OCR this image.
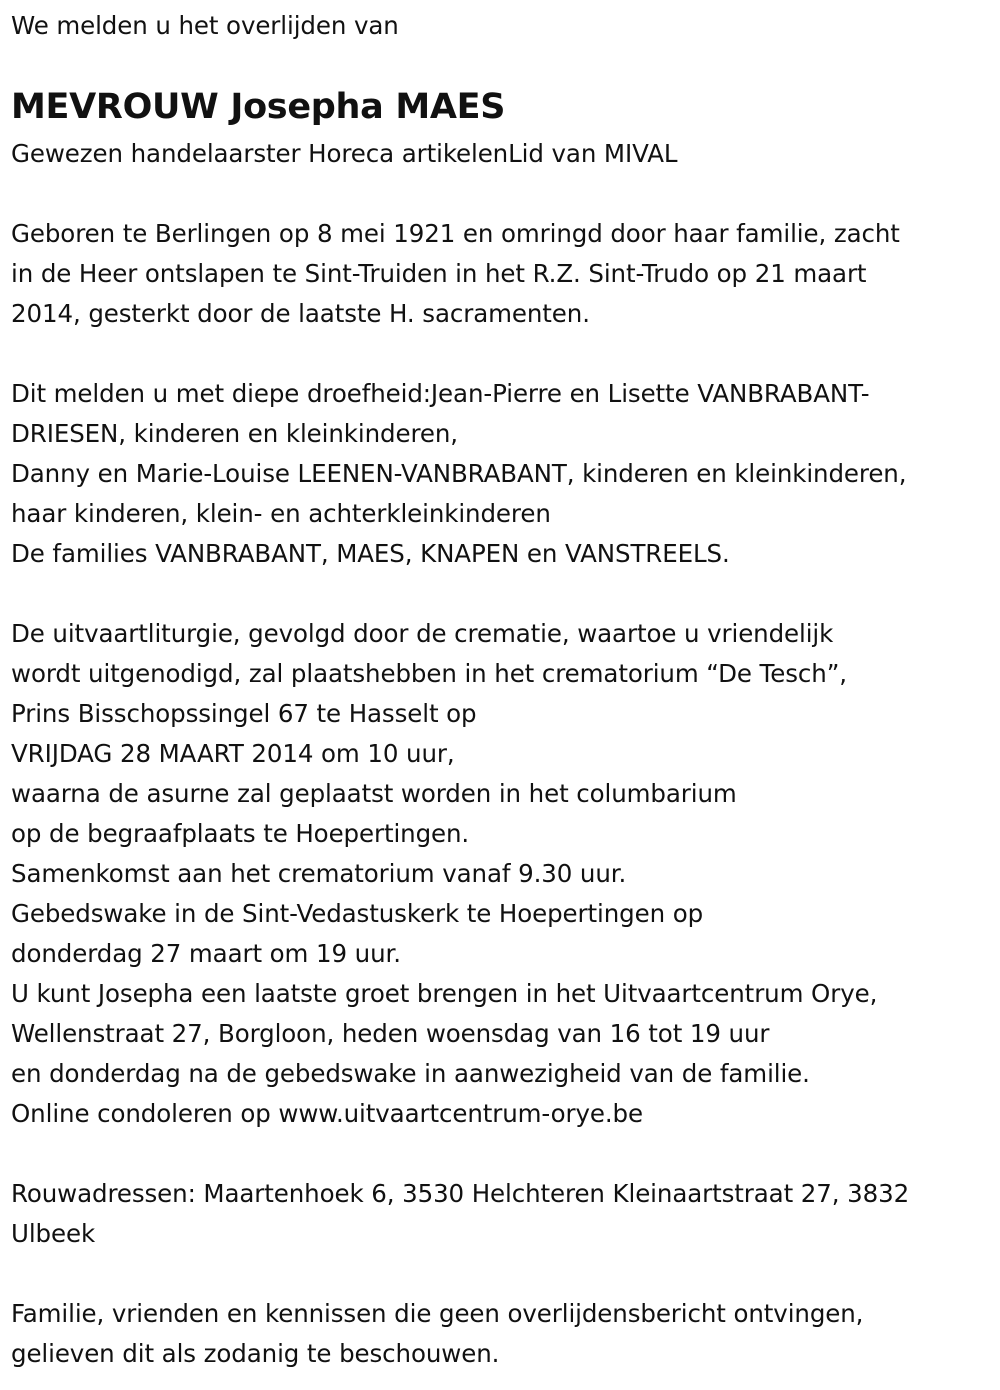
We melden u het overlijden van
MEVROUW Josepha MAES
Gewezen handelaarster Horeca artikelenLid van MIVAL
Geboren te Berlingen op 8 mei 1921 en omringd door haar familie, zacht
in de Heer ontslapen te Sint-Truiden in het R.Z. Sint-Trudo op 21 maart
2014, gesterkt door de laatste H. sacramenten.
Dit melden u met diepe droefheid:Jean-Pierre en Lisette VANBRABANT-
DRIESEN, kinderen en kleinkinderen,
Danny en Marie-Louise LEENEN-VANBRABANT, kinderen en kleinkinderen,
haar kinderen, klein- en achterkleinkinderen
De families VANBRABANT, MAES, KNAPEN en VANSTREELS.
De uitvaartliturgie, gevolgd door de crematie, waartoe u vriendelijk
wordt uitgenodigd, zal plaatshebben in het crematorium “De Tesch”,
Prins Bisschopssingel 67 te Hasselt op
VRIJDAG 28 MAART 2014 om 10 uur,
waarna de asurne zal geplaatst worden in het columbarium
op de begraafplaats te Hoepertingen.
Samenkomst aan het crematorium vanaf 9.30 uur.
Gebedswake in de Sint-Vedastuskerk te Hoepertingen op
donderdag 27 maart om 19 uur.
U kunt Josepha een laatste groet brengen in het Uitvaartcentrum Orye,
Wellenstraat 27, Borgloon, heden woensdag van 16 tot 19 uur
en donderdag na de gebedswake in aanwezigheid van de familie.
Online condoleren op www.uitvaartcentrum-orye.be
Rouwadressen: Maartenhoek 6, 3530 Helchteren Kleinaartstraat 27, 3832
Ulbeek
Familie, vrienden en kennissen die geen overlijdensbericht ontvingen,
gelieven dit als zodanig te beschouwen.
